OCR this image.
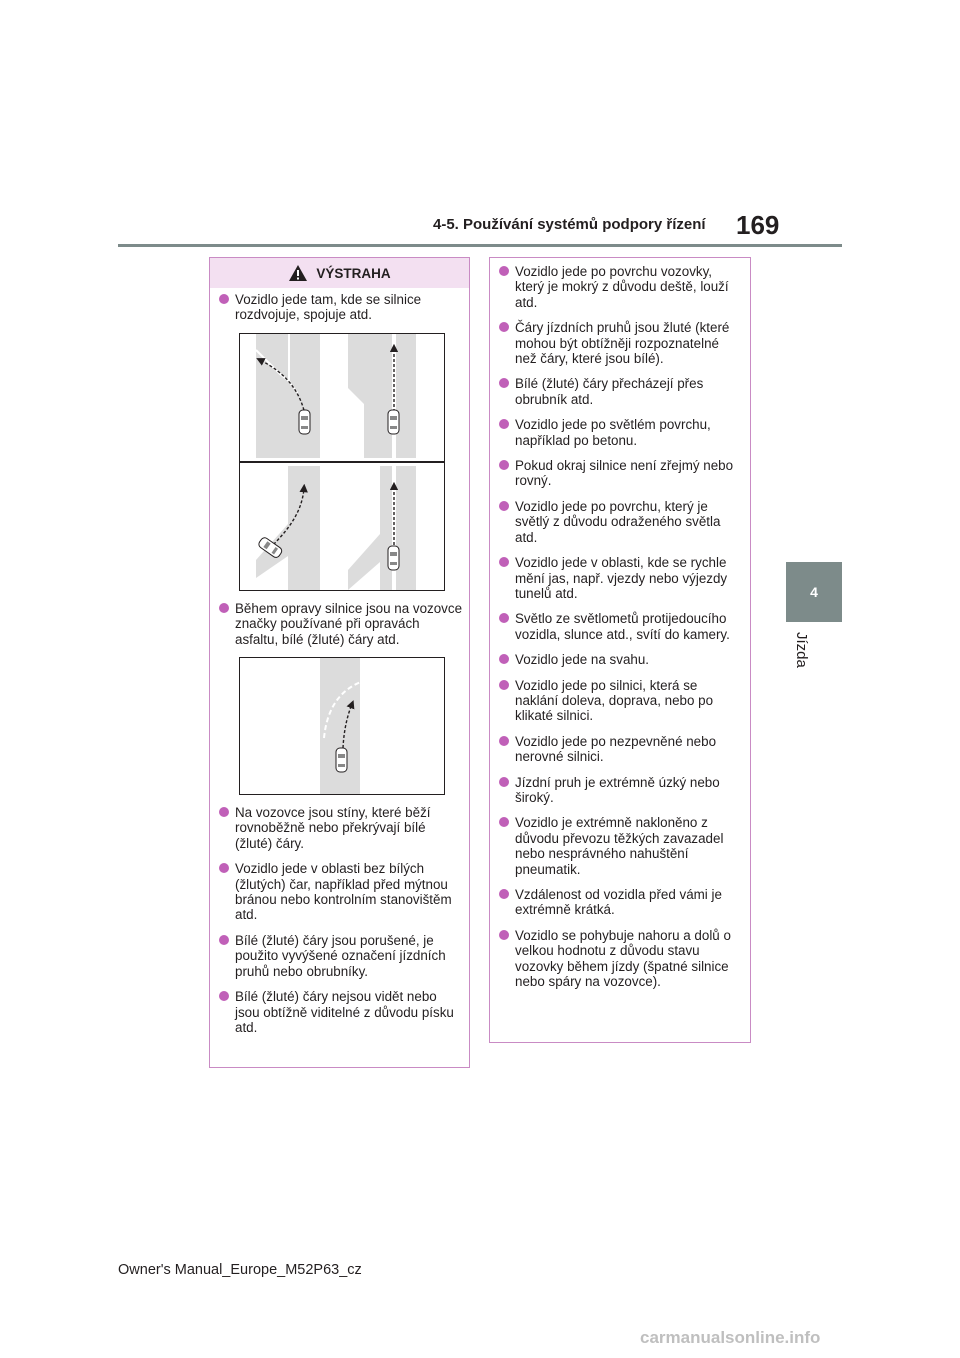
4-5. Používání systémů podpory řízení 169
4
Jízda
VÝSTRAHA
Vozidlo jede tam, kde se silnice rozdvojuje, spojuje atd.
Během opravy silnice jsou na vozovce značky používané při opravách asfaltu, bílé (žluté) čáry atd.
Na vozovce jsou stíny, které běží rovnoběžně nebo překrývají bílé (žluté) čáry.
Vozidlo jede v oblasti bez bílých (žlutých) čar, například před mýtnou bránou nebo kontrolním stanovištěm atd.
Bílé (žluté) čáry jsou porušené, je použito vyvýšené označení jízdních pruhů nebo obrubníky.
Bílé (žluté) čáry nejsou vidět nebo jsou obtížně viditelné z důvodu písku atd.
Vozidlo jede po povrchu vozovky, který je mokrý z důvodu deště, louží atd.
Čáry jízdních pruhů jsou žluté (které mohou být obtížněji rozpoznatelné než čáry, které jsou bílé).
Bílé (žluté) čáry přecházejí přes obrubník atd.
Vozidlo jede po světlém povrchu, například po betonu.
Pokud okraj silnice není zřejmý nebo rovný.
Vozidlo jede po povrchu, který je světlý z důvodu odraženého světla atd.
Vozidlo jede v oblasti, kde se rychle mění jas, např. vjezdy nebo výjezdy tunelů atd.
Světlo ze světlometů protijedoucího vozidla, slunce atd., svítí do kamery.
Vozidlo jede na svahu.
Vozidlo jede po silnici, která se naklání doleva, doprava, nebo po klikaté silnici.
Vozidlo jede po nezpevněné nebo nerovné silnici.
Jízdní pruh je extrémně úzký nebo široký.
Vozidlo je extrémně nakloněno z důvodu převozu těžkých zavazadel nebo nesprávného nahuštění pneumatik.
Vzdálenost od vozidla před vámi je extrémně krátká.
Vozidlo se pohybuje nahoru a dolů o velkou hodnotu z důvodu stavu vozovky během jízdy (špatné silnice nebo spáry na vozovce).
Owner's Manual_Europe_M52P63_cz
carmanualsonline.info
